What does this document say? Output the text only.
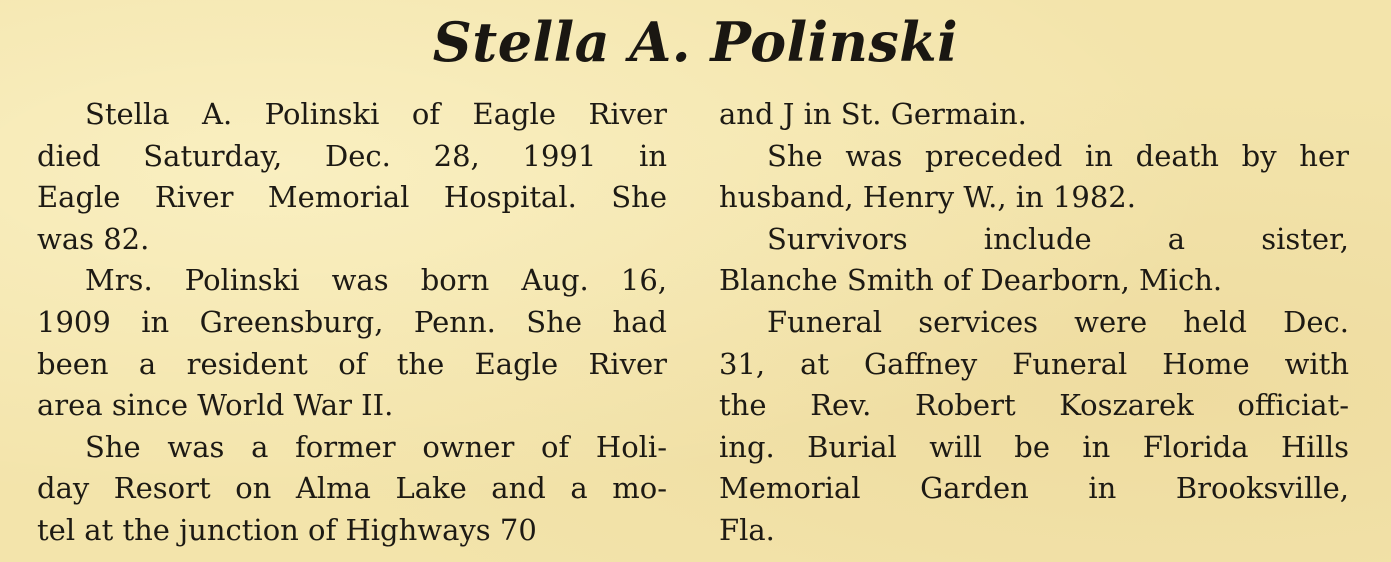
Stella A. Polinski

Stella A. Polinski of Eagle River
died Saturday, Dec. 28, 1991 in
Eagle River Memorial Hospital. She
was 82.

Mrs. Polinski was born Aug. 16,
1909 in Greensburg, Penn. She had
been a resident of the Eagle River
area since World War II.

She was a former owner of Holi-
day Resort on Alma Lake and a mo-
tel at the junction of Highways 70

and J in St. Germain.

She was preceded in death by her
husband, Henry W., in 1982.

Survivors include a sister,
Blanche Smith of Dearborn, Mich.

Funeral services were held Dec.
31, at Gaffney Funeral Home with
the Rev. Robert Koszarek officiat-
ing. Burial will be in Florida Hills
Memorial Garden in Brooksville,
Fla.
